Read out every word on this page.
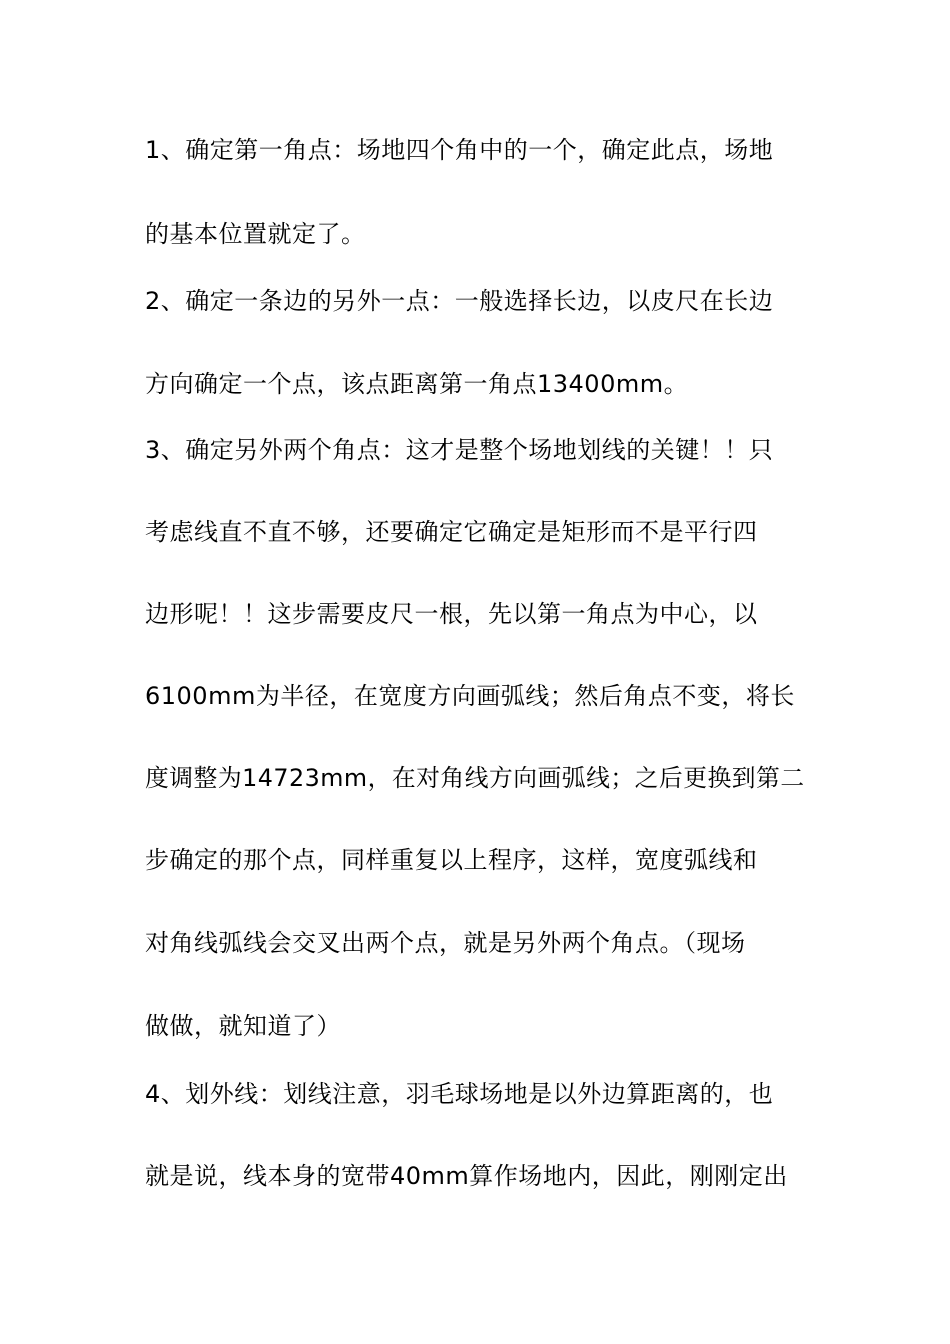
1、确定第一角点：场地四个角中的一个，确定此点，场地
的基本位置就定了。
2、确定一条边的另外一点：一般选择长边，以皮尺在长边
方向确定一个点，该点距离第一角点13400mm。
3、确定另外两个角点：这才是整个场地划线的关键！！只
考虑线直不直不够，还要确定它确定是矩形而不是平行四
边形呢！！这步需要皮尺一根，先以第一角点为中心，以
6100mm为半径，在宽度方向画弧线；然后角点不变，将长
度调整为14723mm，在对角线方向画弧线；之后更换到第二
步确定的那个点，同样重复以上程序，这样，宽度弧线和
对角线弧线会交叉出两个点，就是另外两个角点。（现场
做做，就知道了）
4、划外线：划线注意，羽毛球场地是以外边算距离的，也
就是说，线本身的宽带40mm算作场地内，因此，刚刚定出
